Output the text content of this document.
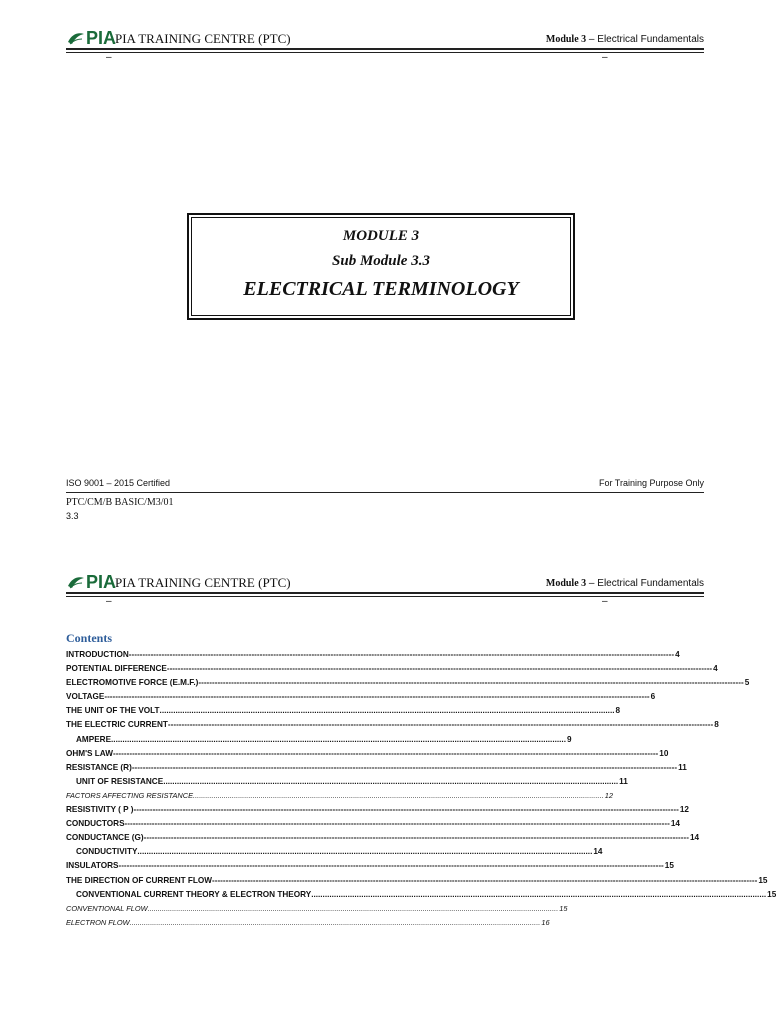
PIA
PIA TRAINING CENTRE (PTC)	Module 3 – Electrical Fundamentals
–	–
MODULE 3
Sub Module 3.3
ELECTRICAL TERMINOLOGY
ISO 9001 – 2015 Certified	For Training Purpose Only
PTC/CM/B BASIC/M3/01
3.3
PIA
PIA TRAINING CENTRE (PTC)	Module 3 – Electrical Fundamentals
–	–
Contents
INTRODUCTION -------------------------------------------------------------------------------------------------------------------------------------------------------------------------------------------------------- 4
POTENTIAL DIFFERENCE -------------------------------------------------------------------------------------------------------------------------------------------------------------------------------------------------------- 4
ELECTROMOTIVE FORCE (E.M.F.) -------------------------------------------------------------------------------------------------------------------------------------------------------------------------------------------------------- 5
VOLTAGE -------------------------------------------------------------------------------------------------------------------------------------------------------------------------------------------------------- 6
THE UNIT OF THE VOLT ........................................................................................................................................................................................................ 8
THE ELECTRIC CURRENT -------------------------------------------------------------------------------------------------------------------------------------------------------------------------------------------------------- 8
AMPERE ........................................................................................................................................................................................................ 9
OHM'S LAW -------------------------------------------------------------------------------------------------------------------------------------------------------------------------------------------------------- 10
RESISTANCE (R) -------------------------------------------------------------------------------------------------------------------------------------------------------------------------------------------------------- 11
UNIT OF RESISTANCE ........................................................................................................................................................................................................ 11
FACTORS AFFECTING RESISTANCE ........................................................................................................................................................................................................ 12
RESISTIVITY ( P ) -------------------------------------------------------------------------------------------------------------------------------------------------------------------------------------------------------- 12
CONDUCTORS -------------------------------------------------------------------------------------------------------------------------------------------------------------------------------------------------------- 14
CONDUCTANCE (G) -------------------------------------------------------------------------------------------------------------------------------------------------------------------------------------------------------- 14
CONDUCTIVITY ........................................................................................................................................................................................................ 14
INSULATORS -------------------------------------------------------------------------------------------------------------------------------------------------------------------------------------------------------- 15
THE DIRECTION OF CURRENT FLOW -------------------------------------------------------------------------------------------------------------------------------------------------------------------------------------------------------- 15
CONVENTIONAL CURRENT THEORY & ELECTRON THEORY ........................................................................................................................................................................................................ 15
CONVENTIONAL FLOW ........................................................................................................................................................................................................ 15
ELECTRON FLOW ........................................................................................................................................................................................................ 16
